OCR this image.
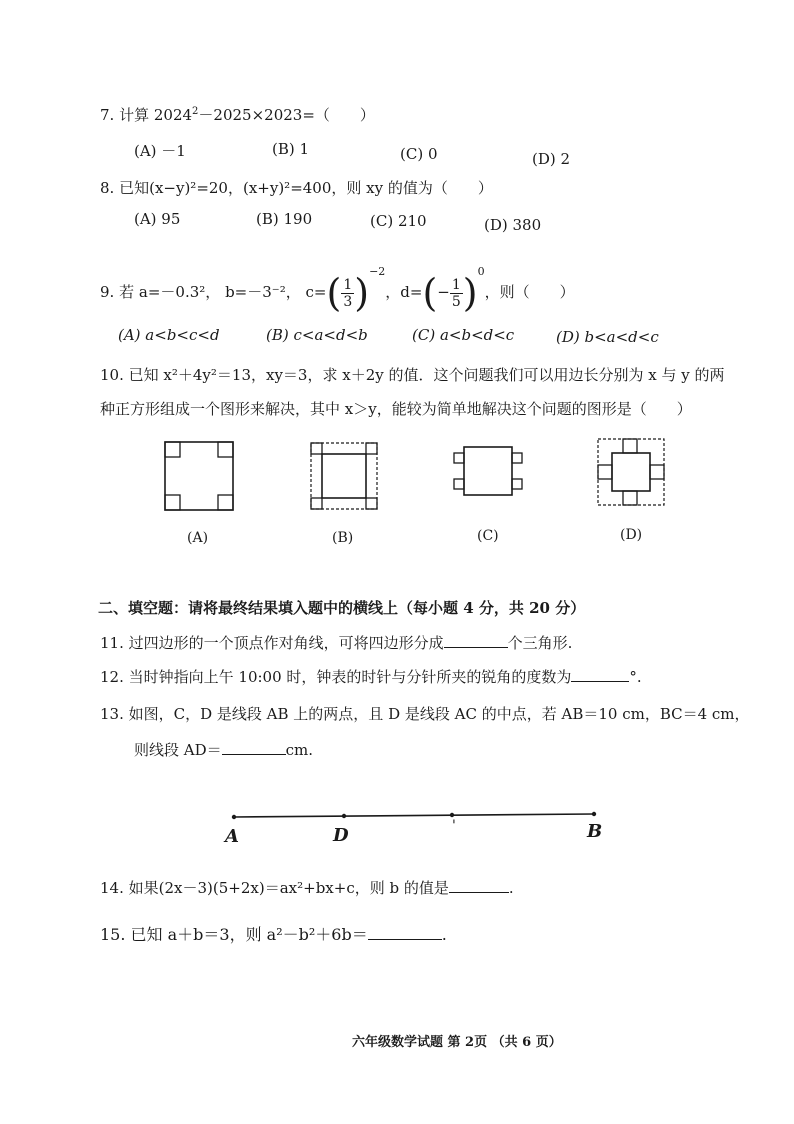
7. 计算 $2024^2-2025\times 2023=$（　　）
(A) －1	(B) 1	(C) 0	(D) 2
8. 已知(x−y)²=20，(x+y)²=400，则 xy 的值为（　　）
(A) 95	(B) 190	(C) 210	(D) 380
9. 若 a=－0.3²， b=－3⁻²， $c=( \frac{1}{3} )^{-2}$，$d=(- \frac{1}{5} )^0$，则（　　）
(A) a<b<c<d	(B) c<a<d<b	(C) a<b<d<c	(D) b<a<d<c
10. 已知 x²＋4y²＝13，xy＝3，求 x＋2y 的值．这个问题我们可以用边长分别为 x 与 y 的两
种正方形组成一个图形来解决，其中 x＞y，能较为简单地解决这个问题的图形是（　　）
(A)	(B)	(C)	(D)
二、填空题：请将最终结果填入题中的横线上（每小题 4 分，共 20 分）
11. 过四边形的一个顶点作对角线，可将四边形分成	个三角形.
12. 当时钟指向上午 10:00 时，钟表的时针与分针所夹的锐角的度数为	°.
13. 如图，C，D 是线段 AB 上的两点，且 D 是线段 AC 的中点，若 AB＝10 cm，BC＝4 cm，
则线段 AD＝	cm.
A	D	'	B
14. 如果(2x－3)(5+2x)＝ax²+bx+c，则 b 的值是	.
15. 已知 a＋b＝3，则 a²－b²＋6b＝	.
六年级数学试题 第 2页 （共 6 页）
